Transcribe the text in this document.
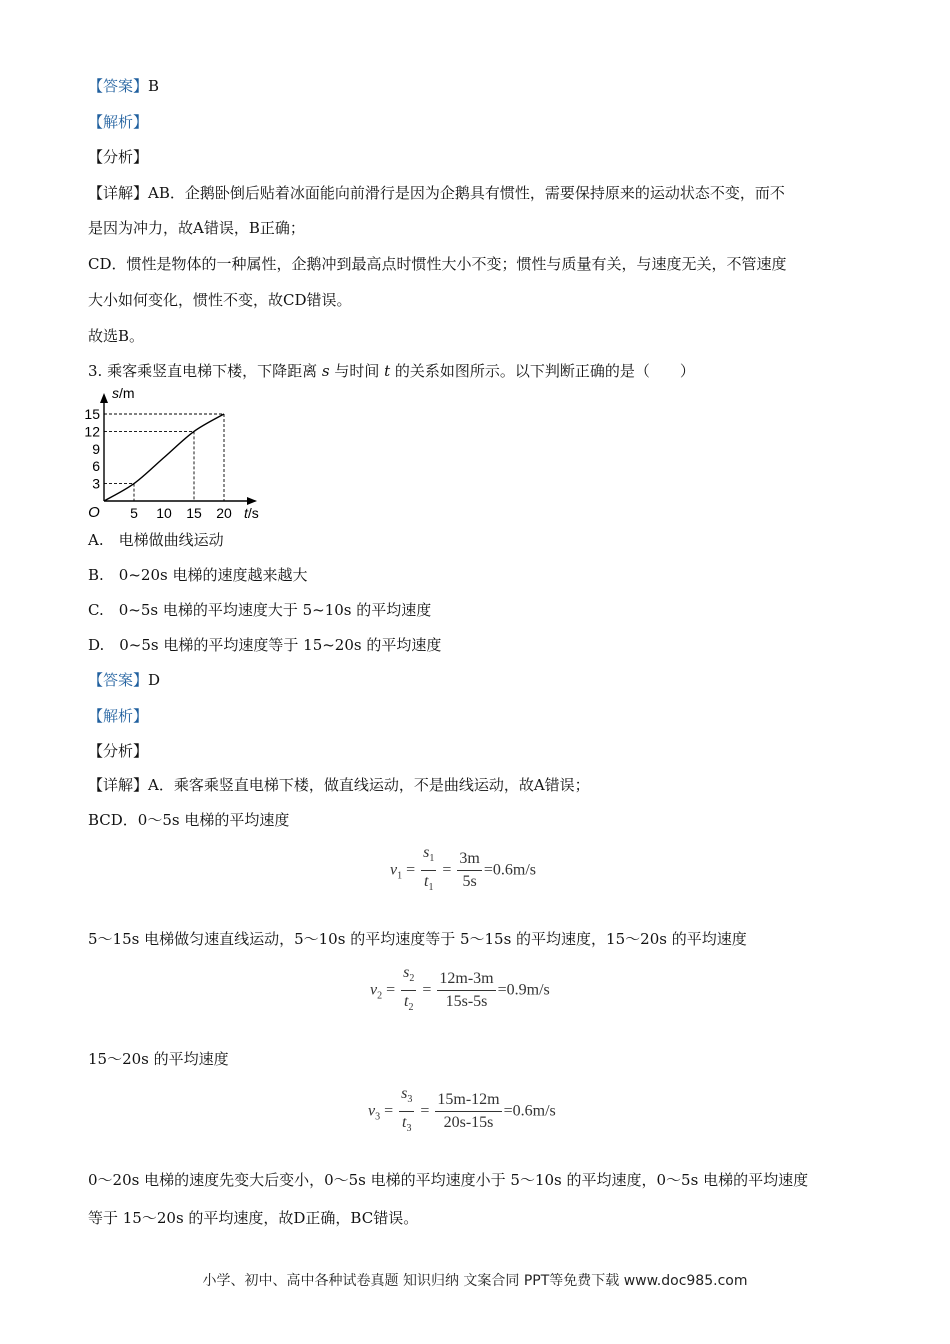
【答案】B
【解析】
【分析】
【详解】AB．企鹅卧倒后贴着冰面能向前滑行是因为企鹅具有惯性，需要保持原来的运动状态不变，而不
是因为冲力，故A错误，B正确；
CD．惯性是物体的一种属性，企鹅冲到最高点时惯性大小不变；惯性与质量有关，与速度无关，不管速度
大小如何变化，惯性不变，故CD错误。
故选B。
3. 乘客乘竖直电梯下楼，下降距离 s 与时间 t 的关系如图所示。以下判断正确的是（　　）
5 10 15 20
3
6
9
12
15
O	t/s
s/m
A.　电梯做曲线运动
B.　0~20s 电梯的速度越来越大
C.　0~5s 电梯的平均速度大于 5~10s 的平均速度
D.　0~5s 电梯的平均速度等于 15~20s 的平均速度
【答案】D
【解析】
【分析】
【详解】A．乘客乘竖直电梯下楼，做直线运动，不是曲线运动，故A错误；
BCD．0～5s 电梯的平均速度
$v_1 = \frac{s_1}{t_1} = \frac{3m}{5s} =0.6m/s$
5～15s 电梯做匀速直线运动，5～10s 的平均速度等于 5～15s 的平均速度，15～20s 的平均速度
$v_2 = \frac{s_2}{t_2} = \frac{12m-3m}{15s-5s} =0.9m/s$
15～20s 的平均速度
$v_3 = \frac{s_3}{t_3} = \frac{15m-12m}{20s-15s} =0.6m/s$
0～20s 电梯的速度先变大后变小，0～5s 电梯的平均速度小于 5～10s 的平均速度，0～5s 电梯的平均速度
等于 15～20s 的平均速度，故D正确，BC错误。
小学、初中、高中各种试卷真题 知识归纳 文案合同 PPT等免费下载 www.doc985.com
